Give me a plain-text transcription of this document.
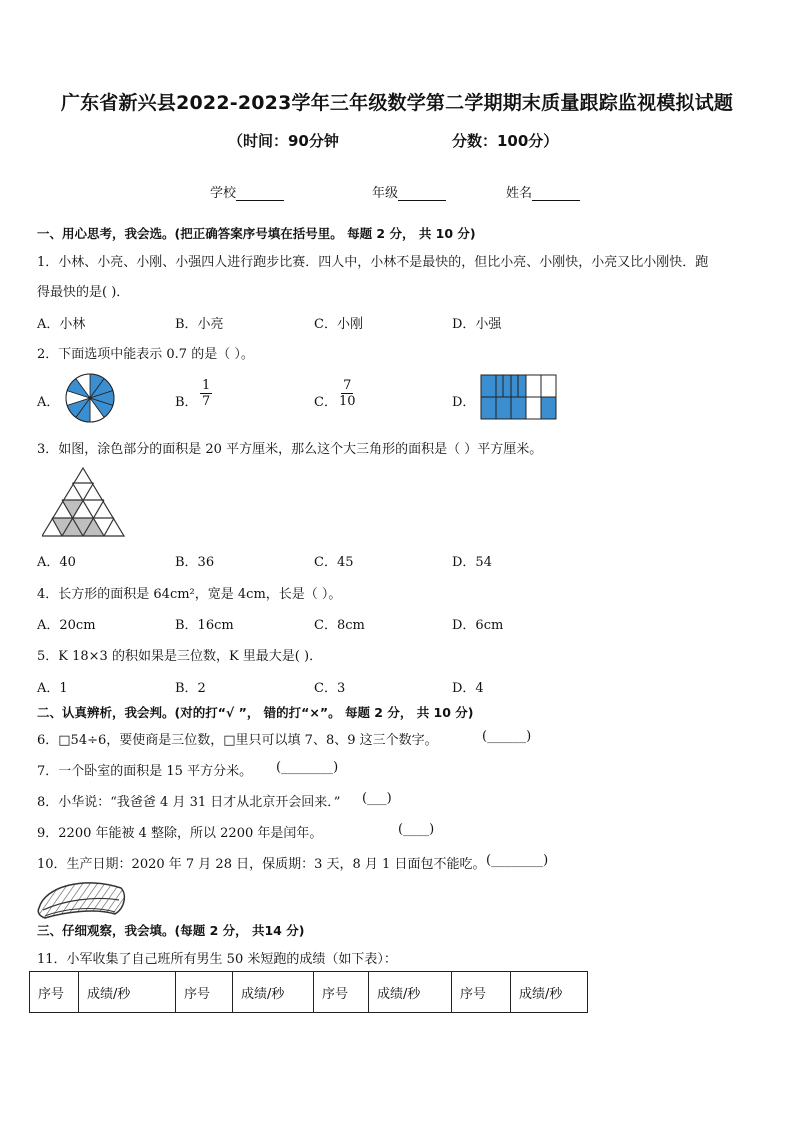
广东省新兴县2022-2023学年三年级数学第二学期期末质量跟踪监视模拟试题
（时间：90分钟	分数：100分）
学校	年级	姓名
一、用心思考，我会选。(把正确答案序号填在括号里。 每题 2 分， 共 10 分)
1．小林、小亮、小刚、小强四人进行跑步比赛．四人中，小林不是最快的，但比小亮、小刚快，小亮又比小刚快．跑
得最快的是( )．
A．小林	B．小亮	C．小刚	D．小强
2．下面选项中能表示 0.7 的是（ ）。
A．	B． $\frac{1}{7}$	C． $\frac{7}{10}$	D．
3．如图，涂色部分的面积是 20 平方厘米，那么这个大三角形的面积是（ ）平方厘米。
A．40	B．36	C．45	D．54
4．长方形的面积是 64cm²，宽是 4cm，长是（ ）。
A．20cm	B．16cm	C．8cm	D．6cm
5．K 18×3 的积如果是三位数，K 里最大是( )．
A．1	B．2	C．3	D．4
二、认真辨析，我会判。(对的打“√ ”， 错的打“×”。 每题 2 分， 共 10 分)
6．□54÷6，要使商是三位数，□里只可以填 7、8、9 这三个数字。	(______)
7．一个卧室的面积是 15 平方分米。 (________)
8．小华说：“我爸爸 4 月 31 日才从北京开会回来．” (___)
9．2200 年能被 4 整除，所以 2200 年是闰年。	(____)
10．生产日期：2020 年 7 月 28 日，保质期：3 天，8 月 1 日面包不能吃。 (________)
三、仔细观察，我会填。(每题 2 分， 共14 分)
11．小军收集了自己班所有男生 50 米短跑的成绩（如下表）：
序号	成绩/秒	序号	成绩/秒	序号	成绩/秒	序号	成绩/秒
